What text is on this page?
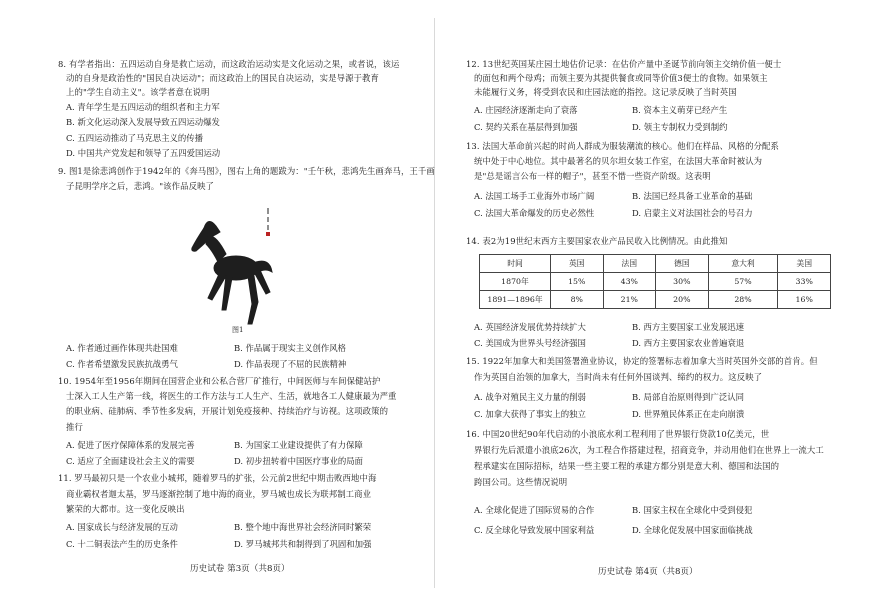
8. 有学者指出：五四运动自身是救亡运动，而这政治运动实是文化运动之果，或者说，该运
动的自身是政治性的"国民自决运动"；而这政治上的国民自决运动，实是导源于教育
上的"学生自动主义"。该学者意在说明
A. 青年学生是五四运动的组织者和主力军
B. 新文化运动深入发展导致五四运动爆发
C. 五四运动推动了马克思主义的传播
D. 中国共产党发起和领导了五四爱国运动
9. 图1是徐悲鸿创作于1942年的《奔马图》，图右上角的题跋为："壬午秋，悲鸿先生画奔马，王千画
子昆明学序之后，悲鸿。"该作品反映了
图1
A. 作者通过画作体现共赴国难	B. 作品属于现实主义创作风格
C. 作者希望激发民族抗战勇气	D. 作品表现了不屈的民族精神
10. 1954年至1956年期间在国营企业和公私合营厂矿推行，中间医师与车间保健站护
士深入工人生产第一线，将医生的工作方法与工人生产、生活，就地各工人健康最为严重
的职业病、硅肺病、季节性多发病，开展计划免疫接种、持续治疗与访视。这项政策的
推行
A. 促进了医疗保障体系的发展完善	B. 为国家工业建设提供了有力保障
C. 适应了全面建设社会主义的需要	D. 初步扭转着中国医疗事业的局面
11. 罗马最初只是一个农业小城邦，随着罗马的扩张，公元前2世纪中期击败西地中海
商业霸权者迦太基，罗马逐渐控制了地中海的商业，罗马城也成长为联邦制工商业
繁荣的大都市。这一变化反映出
A. 国家成长与经济发展的互动	B. 整个地中海世界社会经济同时繁荣
C. 十二铜表法产生的历史条件	D. 罗马城邦共和制得到了巩固和加强
历史试卷 第3页（共8页）
12. 13世纪英国某庄园土地估价记录：在估价产量中圣诞节前向领主交纳价值一便士
的面包和两个母鸡；而领主要为其提供餐食或同等价值3便士的食物。如果领主
未能履行义务，将受到农民和庄园法庭的指控。这记录反映了当时英国
A. 庄园经济逐渐走向了衰落	B. 资本主义萌芽已经产生
C. 契约关系在基层得到加强	D. 领主专制权力受到制约
13. 法国大革命前兴起的时尚人群成为服装潮流的核心。他们在样品、风格的分配系
统中处于中心地位。其中最著名的贝尔坦女装工作室，在法国大革命时被认为
是"总是谣言公布一样的帽子"，甚至不惜一些资产阶级。这表明
A. 法国工场手工业海外市场广阔	B. 法国已经具备工业革命的基础
C. 法国大革命爆发的历史必然性	D. 启蒙主义对法国社会的号召力
14. 表2为19世纪末西方主要国家农业产品民收入比例情况。由此推知
时间	英国	法国	德国	意大利	美国
1870年	15%	43%	30%	57%	33%
1891—1896年	8%	21%	20%	28%	16%
A. 英国经济发展优势持续扩大	B. 西方主要国家工业发展迅速
C. 美国成为世界头号经济强国	D. 西方主要国家农业普遍衰退
15. 1922年加拿大和美国签署渔业协议，协定的签署标志着加拿大当时英国外交部的首肯。但
作为英国自治领的加拿大，当时尚未有任何外国谈判、缔约的权力。这反映了
A. 战争对殖民主义力量的削弱	B. 局部自治原则得到广泛认同
C. 加拿大获得了事实上的独立	D. 世界殖民体系正在走向崩溃
16. 中国20世纪90年代启动的小浪底水利工程利用了世界银行贷款10亿美元，世
界银行先后派遣小浪底26次，为工程合作搭建过程，招商竞争，并动用他们在世界上一流大工
程承建实在国际招标，结果一些主要工程的承建方都分别是意大利、德国和法国的
跨国公司。这些情况说明
A. 全球化促进了国际贸易的合作	B. 国家主权在全球化中受到侵犯
C. 反全球化导致发展中国家利益	D. 全球化促发展中国家面临挑战
历史试卷 第4页（共8页）
